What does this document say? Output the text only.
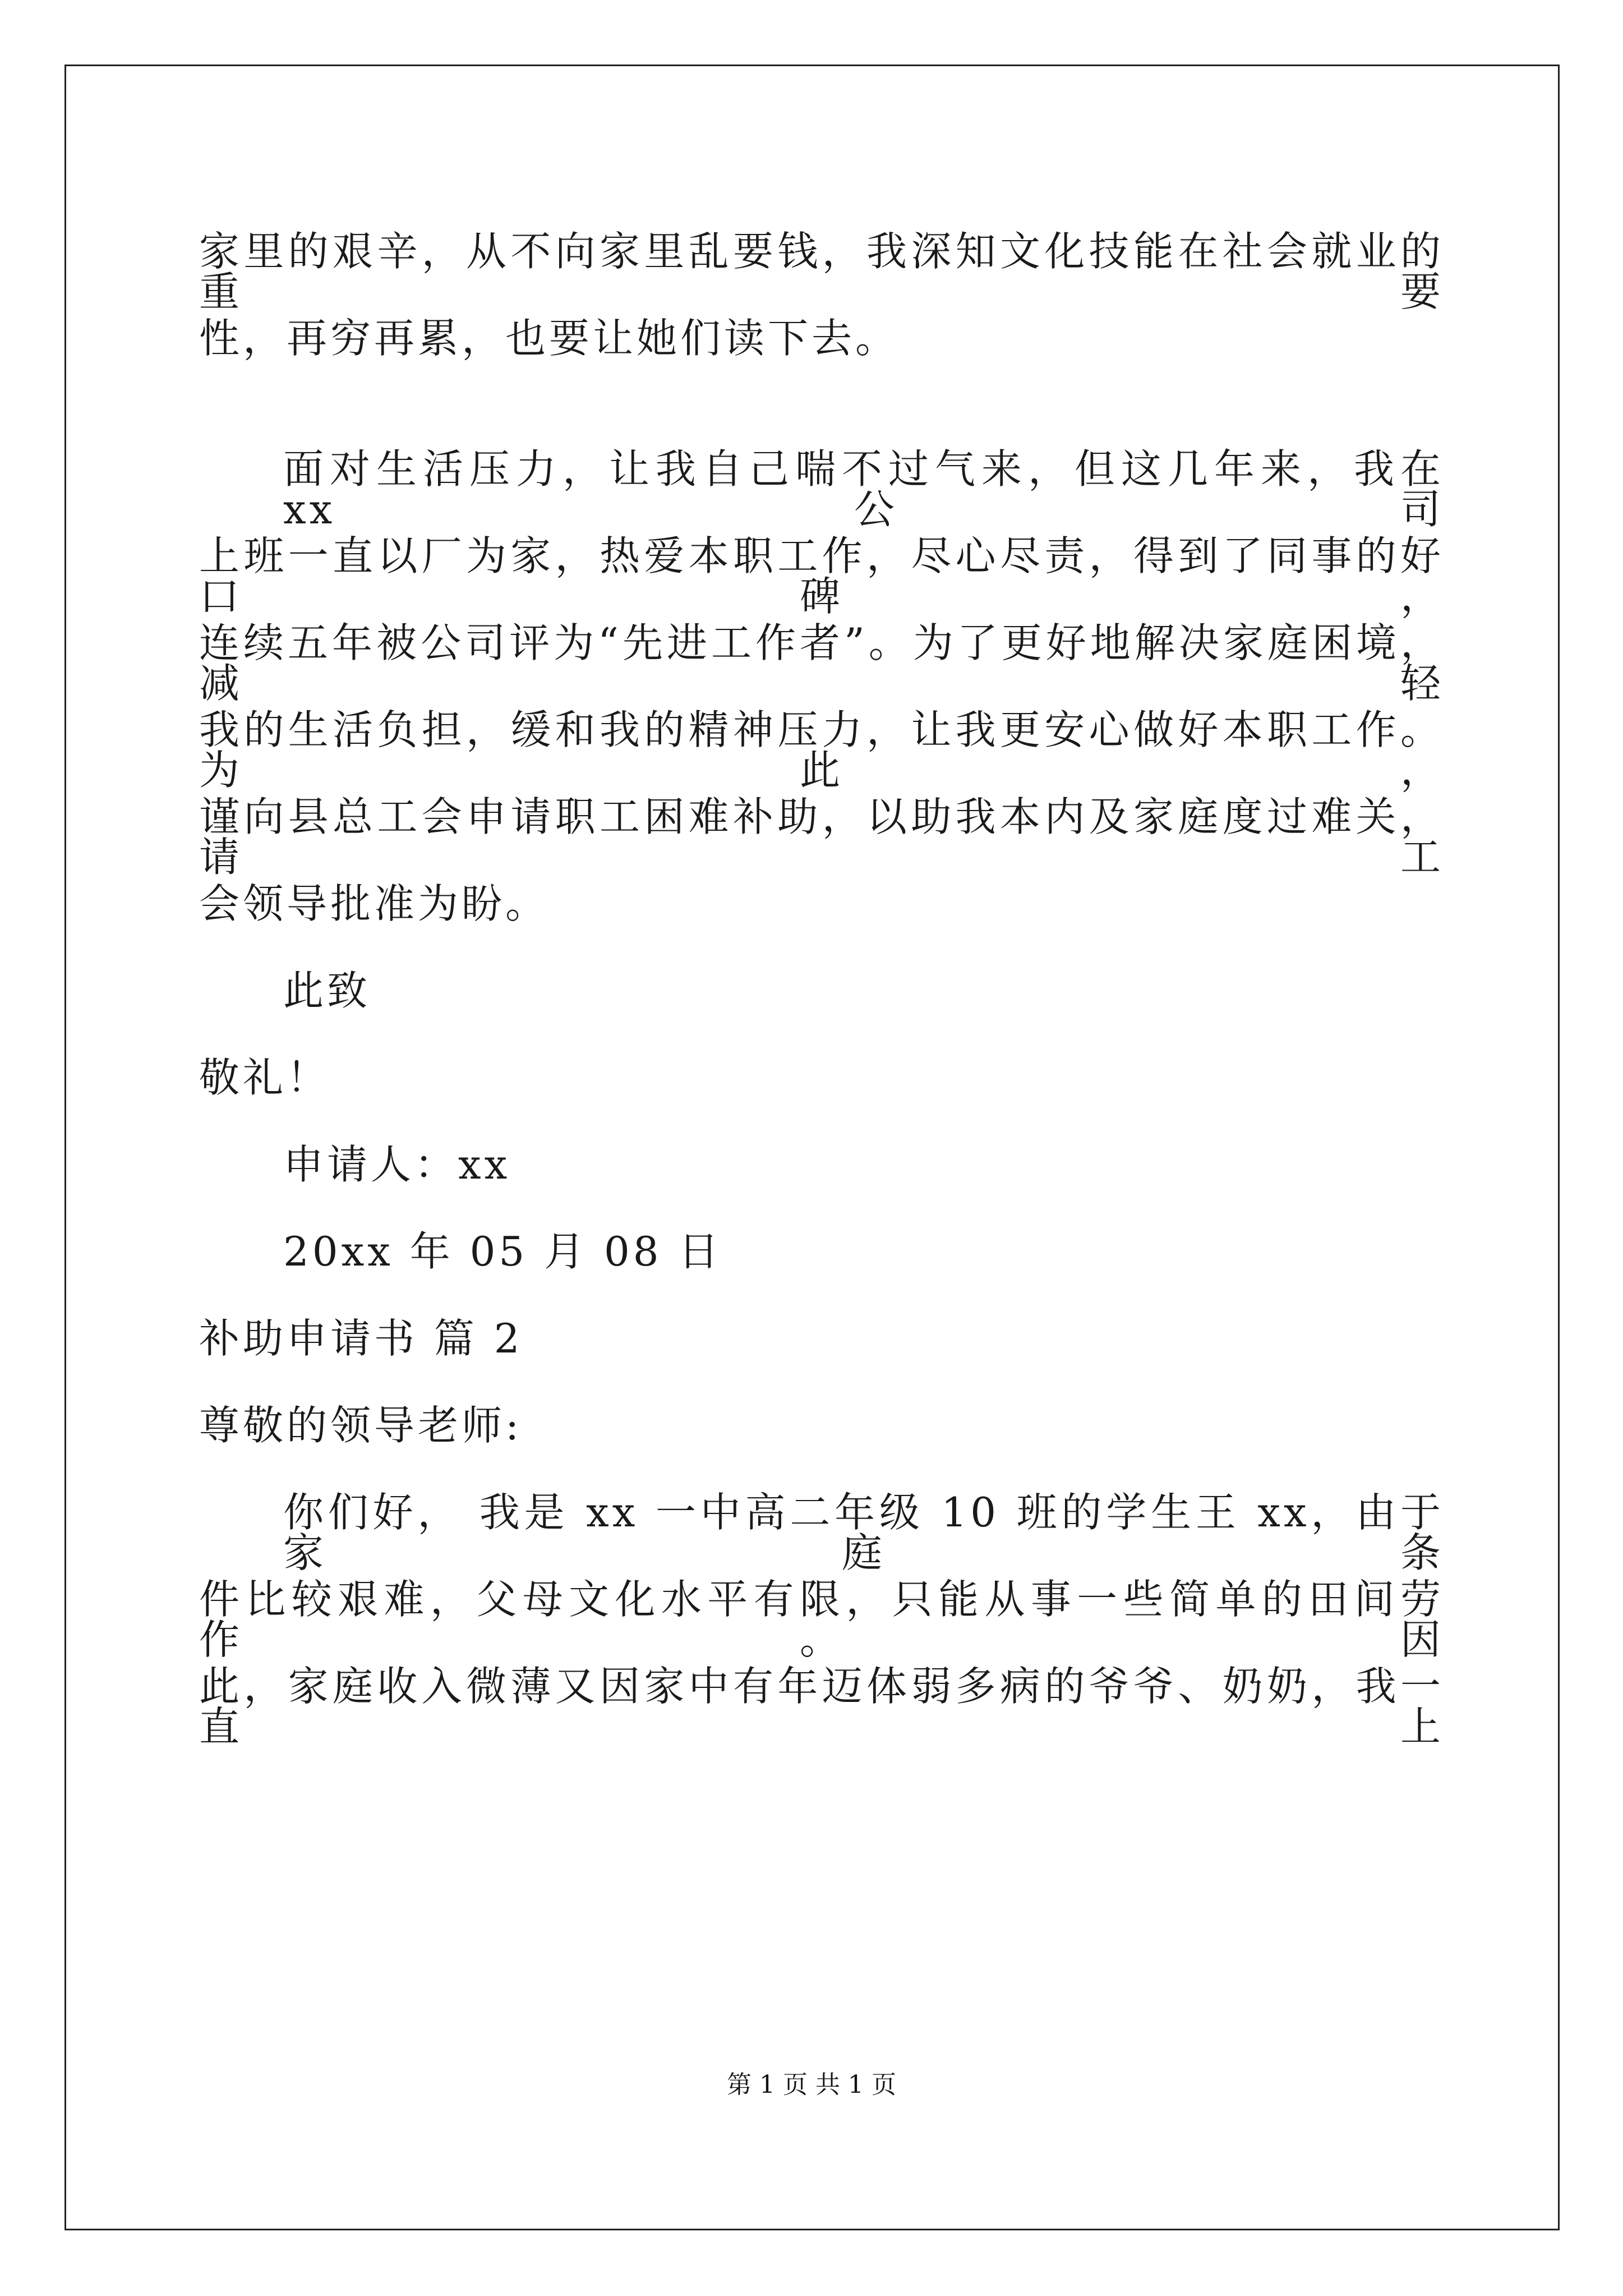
家里的艰辛，从不向家里乱要钱，我深知文化技能在社会就业的重要
性，再穷再累，也要让她们读下去。
面对生活压力，让我自己喘不过气来，但这几年来，我在 xx 公司
上班一直以厂为家，热爱本职工作，尽心尽责，得到了同事的好口碑，
连续五年被公司评为“先进工作者”。为了更好地解决家庭困境，减轻
我的生活负担，缓和我的精神压力，让我更安心做好本职工作。为此，
谨向县总工会申请职工困难补助，以助我本内及家庭度过难关，请工
会领导批准为盼。
此致
敬礼！
申请人：xx
20xx 年 05 月 08 日
补助申请书 篇 2
尊敬的领导老师:
你们好， 我是 xx 一中高二年级 10 班的学生王 xx，由于家庭条
件比较艰难，父母文化水平有限，只能从事一些简单的田间劳作。因
此，家庭收入微薄又因家中有年迈体弱多病的爷爷、奶奶，我一直上
第 1 页 共 1 页
